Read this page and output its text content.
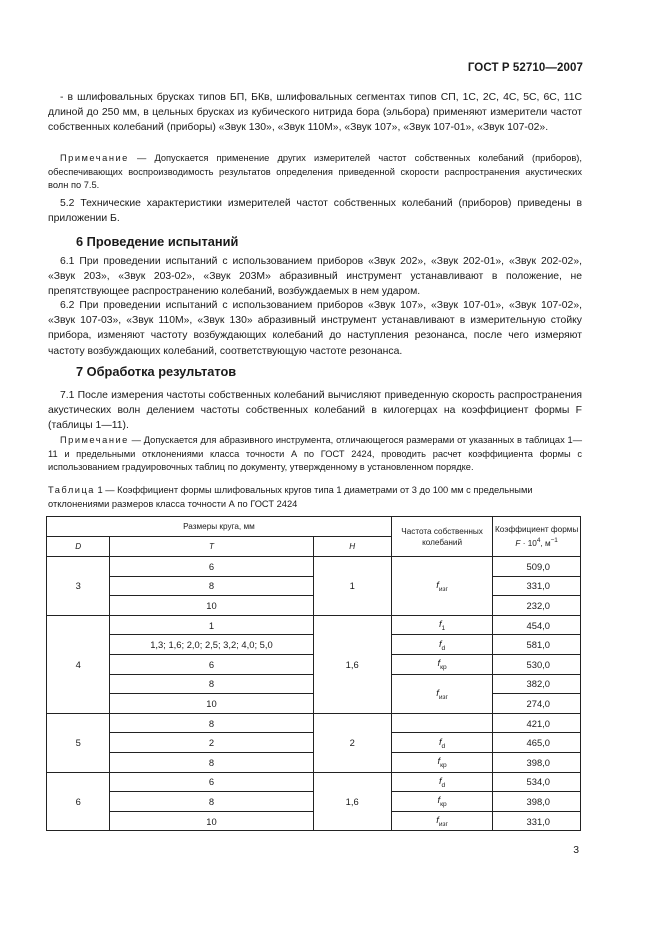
ГОСТ Р 52710—2007

- в шлифовальных брусках типов БП, БКв, шлифовальных сегментах типов СП, 1С, 2С, 4С, 5С, 6С, 11С длиной до 250 мм, в цельных брусках из кубического нитрида бора (эльбора) применяют измерители частот собственных колебаний (приборы) «Звук 130», «Звук 110М», «Звук 107», «Звук 107-01», «Звук 107-02».

Примечание — Допускается применение других измерителей частот собственных колебаний (приборов), обеспечивающих воспроизводимость результатов определения приведенной скорости распространения акустических волн по 7.5.

5.2 Технические характеристики измерителей частот собственных колебаний (приборов) приведены в приложении Б.

6 Проведение испытаний

6.1 При проведении испытаний с использованием приборов «Звук 202», «Звук 202-01», «Звук 202-02», «Звук 203», «Звук 203-02», «Звук 203М» абразивный инструмент устанавливают в положение, не препятствующее распространению колебаний, возбуждаемых в нем ударом.

6.2 При проведении испытаний с использованием приборов «Звук 107», «Звук 107-01», «Звук 107-02», «Звук 107-03», «Звук 110М», «Звук 130» абразивный инструмент устанавливают в измерительную стойку прибора, изменяют частоту возбуждающих колебаний до наступления резонанса, после чего измеряют частоту возбуждающих колебаний, соответствующую частоте резонанса.

7 Обработка результатов

7.1 После измерения частоты собственных колебаний вычисляют приведенную скорость распространения акустических волн делением частоты собственных колебаний в килогерцах на коэффициент формы F (таблицы 1—11).

Примечание — Допускается для абразивного инструмента, отличающегося размерами от указанных в таблицах 1—11 и предельными отклонениями класса точности А по ГОСТ 2424, проводить расчет коэффициента формы с использованием градуировочных таблиц по документу, утвержденному в установленном порядке.

Таблица 1 — Коэффициент формы шлифовальных кругов типа 1 диаметрами от 3 до 100 мм с предельными отклонениями размеров класса точности А по ГОСТ 2424

Размеры круга, мм			Частота собственных колебаний	Коэффициент формы
$F \cdot 10^4$, $м^{-1}$
D	T	H		
3	6	1	$f_{изг}$	509,0
	8			331,0
	10			232,0
4	1	1,6	$f_1$	454,0
	1,3; 1,6; 2,0; 2,5; 3,2; 4,0; 5,0		$f_d$	581,0
	6		$f_{кр}$	530,0
	8		$f_{изг}$	382,0
	10			274,0
5	8	2		421,0
	2		$f_d$	465,0
	8		$f_{кр}$	398,0
6	6	1,6	$f_d$	534,0
	8		$f_{кр}$	398,0
	10		$f_{изг}$	331,0
3
